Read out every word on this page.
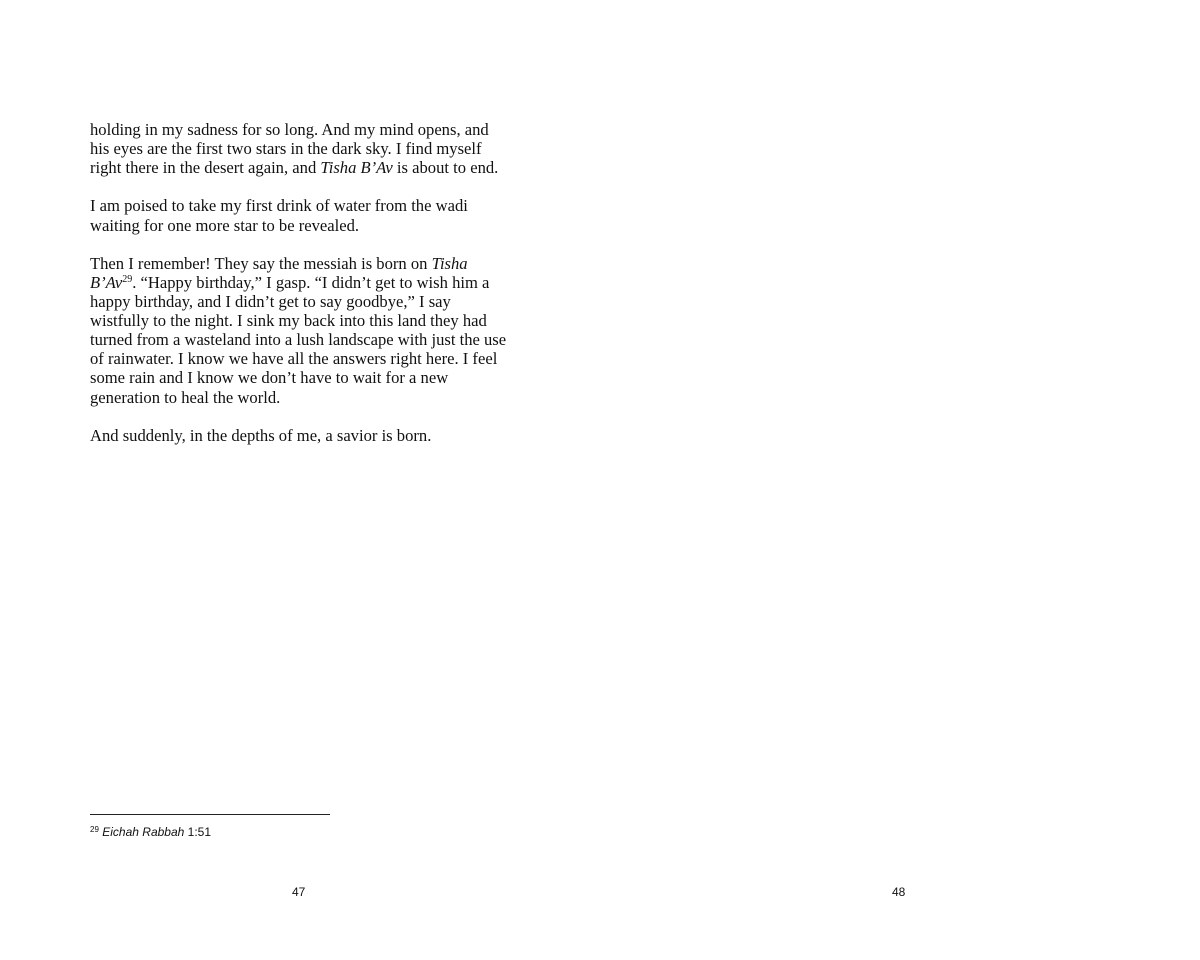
holding in my sadness for so long. And my mind opens, and
his eyes are the first two stars in the dark sky. I find myself
right there in the desert again, and Tisha B’Av is about to end.

I am poised to take my first drink of water from the wadi
waiting for one more star to be revealed.

Then I remember! They say the messiah is born on Tisha
B’Av$^{29}$. “Happy birthday,” I gasp. “I didn’t get to wish him a
happy birthday, and I didn’t get to say goodbye,” I say
wistfully to the night. I sink my back into this land they had
turned from a wasteland into a lush landscape with just the use
of rainwater. I know we have all the answers right here. I feel
some rain and I know we don’t have to wait for a new
generation to heal the world.

And suddenly, in the depths of me, a savior is born.

$^{29}$ Eichah Rabbah 1:51
47	48
